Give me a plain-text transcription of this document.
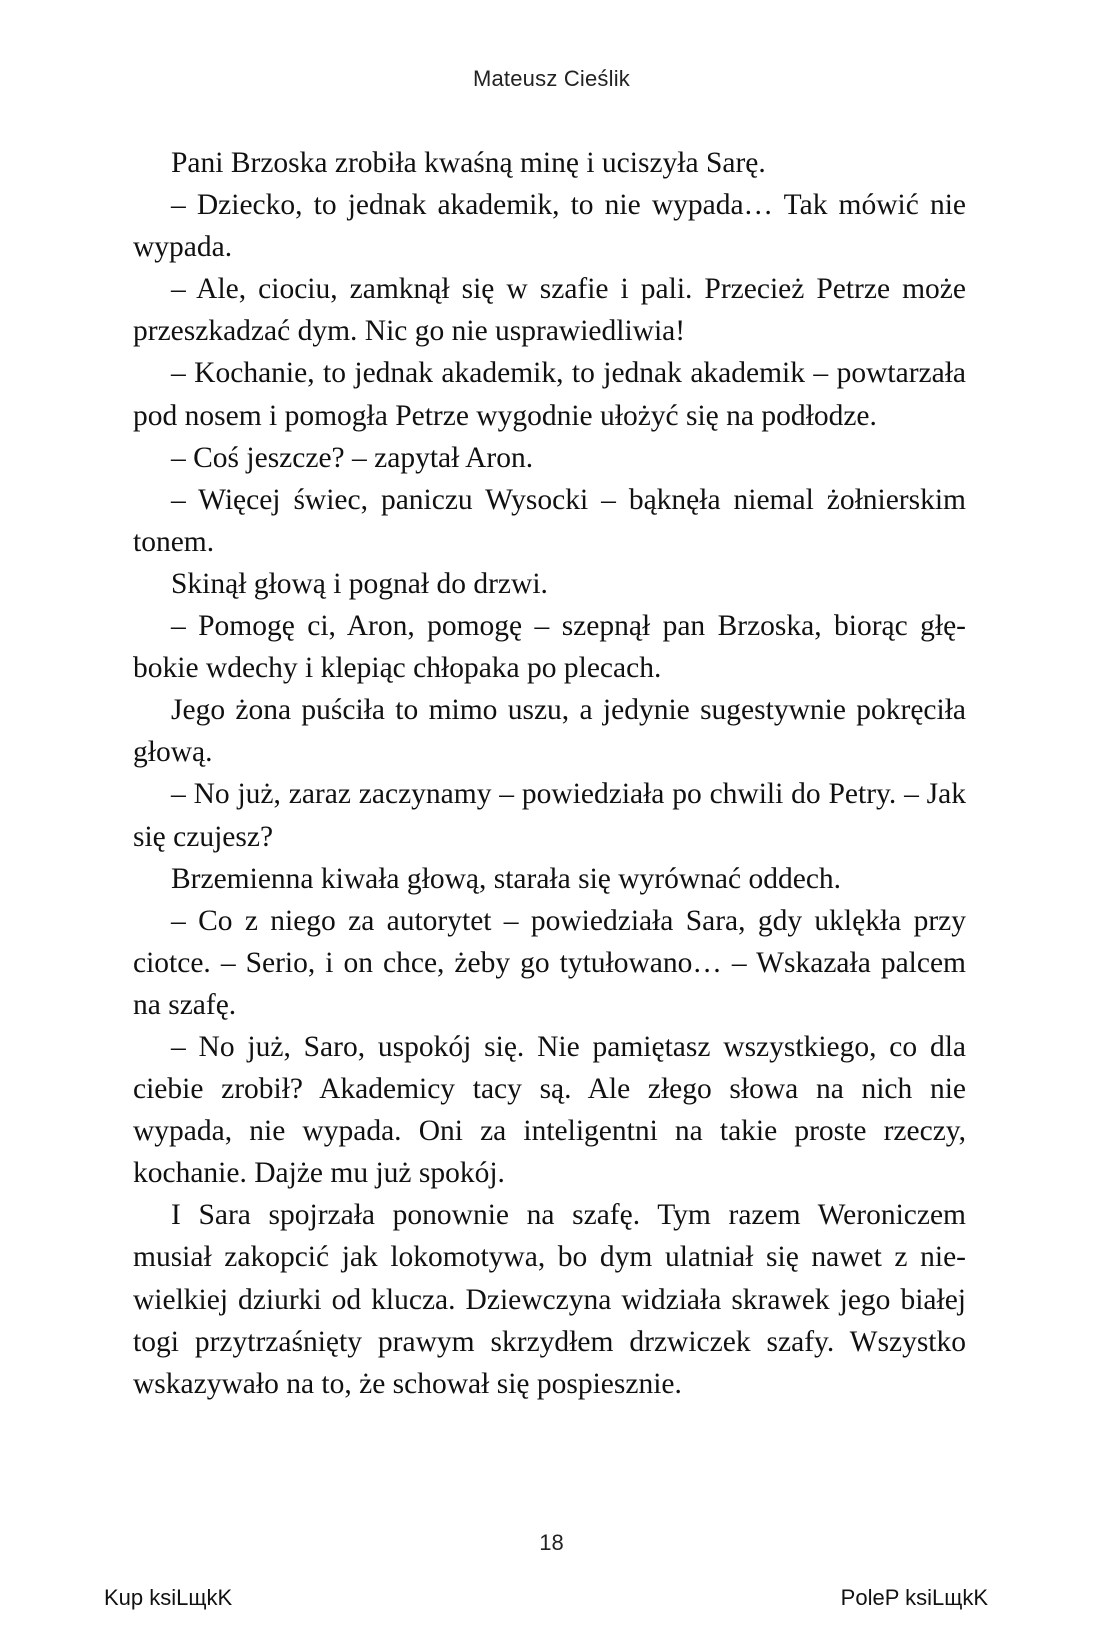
Mateusz Cieślik

Pani Brzoska zrobiła kwaśną minę i uciszyła Sarę.

– Dziecko, to jednak akademik, to nie wypada… Tak mówić nie wypada.

– Ale, ciociu, zamknął się w szafie i pali. Przecież Petrze może przeszkadzać dym. Nic go nie usprawiedliwia!

– Kochanie, to jednak akademik, to jednak akademik – powtarzała pod nosem i pomogła Petrze wygodnie ułożyć się na podłodze.

– Coś jeszcze? – zapytał Aron.

– Więcej świec, paniczu Wysocki – bąknęła niemal żołnierskim tonem.

Skinął głową i pognał do drzwi.

– Pomogę ci, Aron, pomogę – szepnął pan Brzoska, biorąc głębokie wdechy i klepiąc chłopaka po plecach.

Jego żona puściła to mimo uszu, a jedynie sugestywnie pokręciła głową.

– No już, zaraz zaczynamy – powiedziała po chwili do Petry. – Jak się czujesz?

Brzemienna kiwała głową, starała się wyrównać oddech.

– Co z niego za autorytet – powiedziała Sara, gdy uklękła przy ciotce. – Serio, i on chce, żeby go tytułowano… – Wskazała palcem na szafę.

– No już, Saro, uspokój się. Nie pamiętasz wszystkiego, co dla ciebie zrobił? Akademicy tacy są. Ale złego słowa na nich nie wypada, nie wypada. Oni za inteligentni na takie proste rzeczy, kochanie. Dajże mu już spokój.

I Sara spojrzała ponownie na szafę. Tym razem Weroniczem musiał zakopcić jak lokomotywa, bo dym ulatniał się nawet z niewielkiej dziurki od klucza. Dziewczyna widziała skrawek jego białej togi przytrzaśnięty prawym skrzydłem drzwiczek szafy. Wszystko wskazywało na to, że schował się pospiesznie.

18
Kup ksiLщkK	PoleP ksiLщkK
